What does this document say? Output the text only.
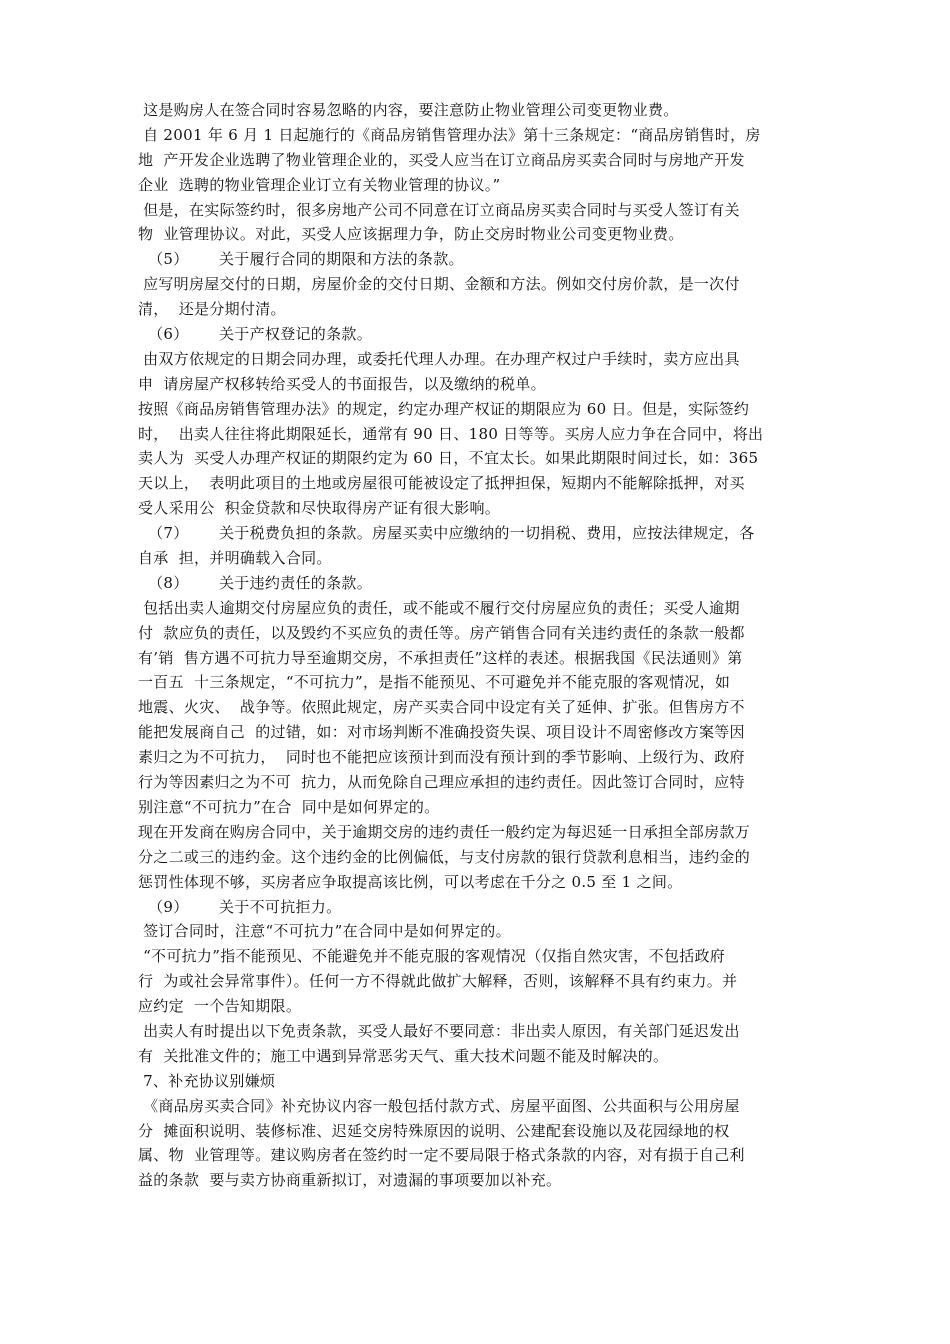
这是购房人在签合同时容易忽略的内容，要注意防止物业管理公司变更物业费。
自 2001 年 6 月 1 日起施行的《商品房销售管理办法》第十三条规定：“商品房销售时，房
地  产开发企业选聘了物业管理企业的，买受人应当在订立商品房买卖合同时与房地产开发
企业  选聘的物业管理企业订立有关物业管理的协议。”
但是，在实际签约时，很多房地产公司不同意在订立商品房买卖合同时与买受人签订有关
物  业管理协议。对此，买受人应该据理力争，防止交房时物业公司变更物业费。
（5）      关于履行合同的期限和方法的条款。
应写明房屋交付的日期，房屋价金的交付日期、金额和方法。例如交付房价款，是一次付
清，  还是分期付清。
（6）      关于产权登记的条款。
由双方依规定的日期会同办理，或委托代理人办理。在办理产权过户手续时，卖方应出具
申  请房屋产权移转给买受人的书面报告，以及缴纳的税单。
按照《商品房销售管理办法》的规定，约定办理产权证的期限应为 60 日。但是，实际签约
时，  出卖人往往将此期限延长，通常有 90 日、180 日等等。买房人应力争在合同中，将出
卖人为  买受人办理产权证的期限约定为 60 日，不宜太长。如果此期限时间过长，如：365
天以上，  表明此项目的土地或房屋很可能被设定了抵押担保，短期内不能解除抵押，对买
受人采用公  积金贷款和尽快取得房产证有很大影响。
（7）      关于税费负担的条款。房屋买卖中应缴纳的一切捐税、费用，应按法律规定，各
自承  担，并明确载入合同。
（8）      关于违约责任的条款。
包括出卖人逾期交付房屋应负的责任，或不能或不履行交付房屋应负的责任；买受人逾期
付  款应负的责任，以及毁约不买应负的责任等。房产销售合同有关违约责任的条款一般都
有’销  售方遇不可抗力导至逾期交房，不承担责任”这样的表述。根据我国《民法通则》第
一百五  十三条规定，“不可抗力”，是指不能预见、不可避免并不能克服的客观情况，如
地震、火灾、  战争等。依照此规定，房产买卖合同中设定有关了延伸、扩张。但售房方不
能把发展商自己  的过错，如：对市场判断不准确投资失误、项目设计不周密修改方案等因
素归之为不可抗力，  同时也不能把应该预计到而没有预计到的季节影响、上级行为、政府
行为等因素归之为不可  抗力，从而免除自己理应承担的违约责任。因此签订合同时，应特
别注意“不可抗力”在合  同中是如何界定的。
现在开发商在购房合同中，关于逾期交房的违约责任一般约定为每迟延一日承担全部房款万
分之二或三的违约金。这个违约金的比例偏低，与支付房款的银行贷款利息相当，违约金的
惩罚性体现不够，买房者应争取提高该比例，可以考虑在千分之 0.5 至 1 之间。
（9）      关于不可抗拒力。
签订合同时，注意“不可抗力”在合同中是如何界定的。
“不可抗力”指不能预见、不能避免并不能克服的客观情况（仅指自然灾害，不包括政府
行  为或社会异常事件）。任何一方不得就此做扩大解释，否则，该解释不具有约束力。并
应约定  一个告知期限。
出卖人有时提出以下免责条款，买受人最好不要同意：非出卖人原因，有关部门延迟发出
有  关批准文件的；施工中遇到异常恶劣天气、重大技术问题不能及时解决的。
7、补充协议别嫌烦
《商品房买卖合同》补充协议内容一般包括付款方式、房屋平面图、公共面积与公用房屋
分  摊面积说明、装修标准、迟延交房特殊原因的说明、公建配套设施以及花园绿地的权
属、物  业管理等。建议购房者在签约时一定不要局限于格式条款的内容，对有损于自己利
益的条款  要与卖方协商重新拟订，对遗漏的事项要加以补充。
